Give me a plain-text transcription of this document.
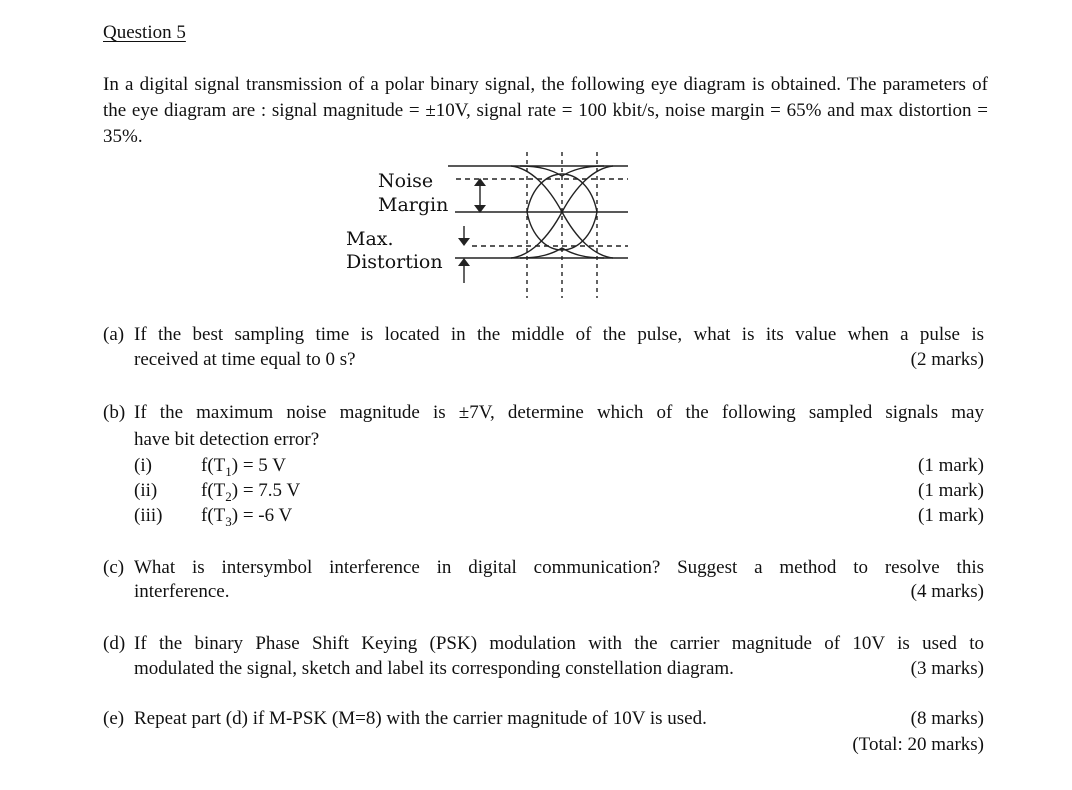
Question 5
In a digital signal transmission of a polar binary signal, the following eye diagram is obtained. The parameters of the eye diagram are : signal magnitude = ±10V, signal rate = 100 kbit/s, noise margin = 65% and max distortion = 35%.
Noise
Margin
Max.
Distortion
(a) If the best sampling time is located in the middle of the pulse, what is its value when a pulse is
received at time equal to 0 s?	(2 marks)
(b) If the maximum noise magnitude is ±7V, determine which of the following sampled signals may
have bit detection error?
(i)	$f(T_1) = 5$ V	(1 mark)
(ii) $f(T_2) = 7.5$ V	(1 mark)
(iii) $f(T_3) = -6$ V	(1 mark)
(c) What is intersymbol interference in digital communication? Suggest a method to resolve this
interference.	(4 marks)
(d) If the binary Phase Shift Keying (PSK) modulation with the carrier magnitude of 10V is used to
modulated the signal, sketch and label its corresponding constellation diagram.	(3 marks)
(e) Repeat part (d) if M-PSK (M=8) with the carrier magnitude of 10V is used.	(8 marks)
(Total: 20 marks)
